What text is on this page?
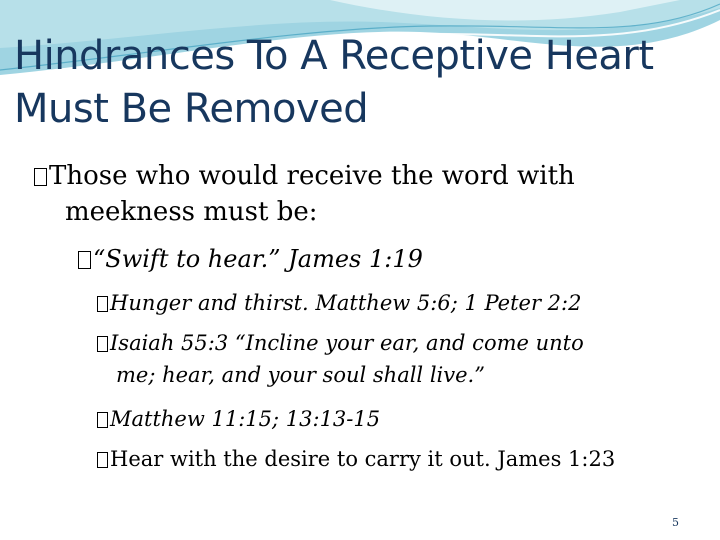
Hindrances To A Receptive Heart
Must Be Removed
Those who would receive the word with
meekness must be:
“Swift to hear.” James 1:19
Hunger and thirst. Matthew 5:6; 1 Peter 2:2
Isaiah 55:3 “Incline your ear, and come unto
me; hear, and your soul shall live.”
Matthew 11:15; 13:13-15
Hear with the desire to carry it out. James 1:23
5
